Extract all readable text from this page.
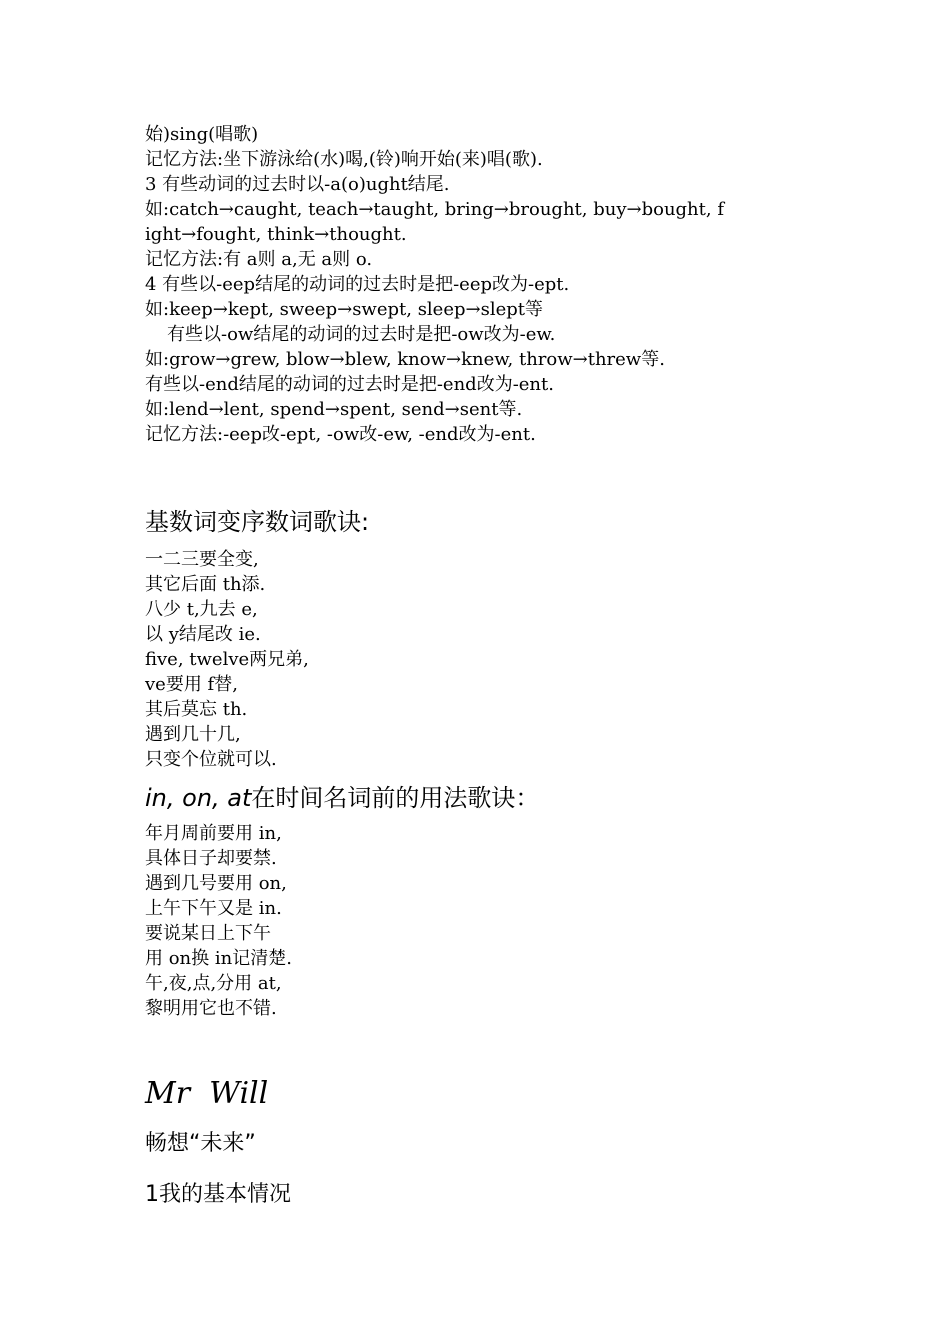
始)sing(唱歌)
记忆方法:坐下游泳给(水)喝,(铃)响开始(来)唱(歌).
3 有些动词的过去时以-a(o)ught结尾.
如:catch→caught, teach→taught, bring→brought, buy→bought, f
ight→fought, think→thought.
记忆方法:有 a则 a,无 a则 o.
4 有些以-eep结尾的动词的过去时是把-eep改为-ept.
如:keep→kept, sweep→swept, sleep→slept等
有些以-ow结尾的动词的过去时是把-ow改为-ew.
如:grow→grew, blow→blew, know→knew, throw→threw等.
有些以-end结尾的动词的过去时是把-end改为-ent.
如:lend→lent, spend→spent, send→sent等.
记忆方法:-eep改-ept, -ow改-ew, -end改为-ent.
基数词变序数词歌诀:
一二三要全变,
其它后面 th添.
八少 t,九去 e,
以 y结尾改 ie.
five, twelve两兄弟,
ve要用 f替,
其后莫忘 th.
遇到几十几,
只变个位就可以.
in, on, at在时间名词前的用法歌诀：
年月周前要用 in,
具体日子却要禁.
遇到几号要用 on,
上午下午又是 in.
要说某日上下午
用 on换 in记清楚.
午,夜,点,分用 at,
黎明用它也不错.
Mr  Will
畅想“未来”
1我的基本情况
